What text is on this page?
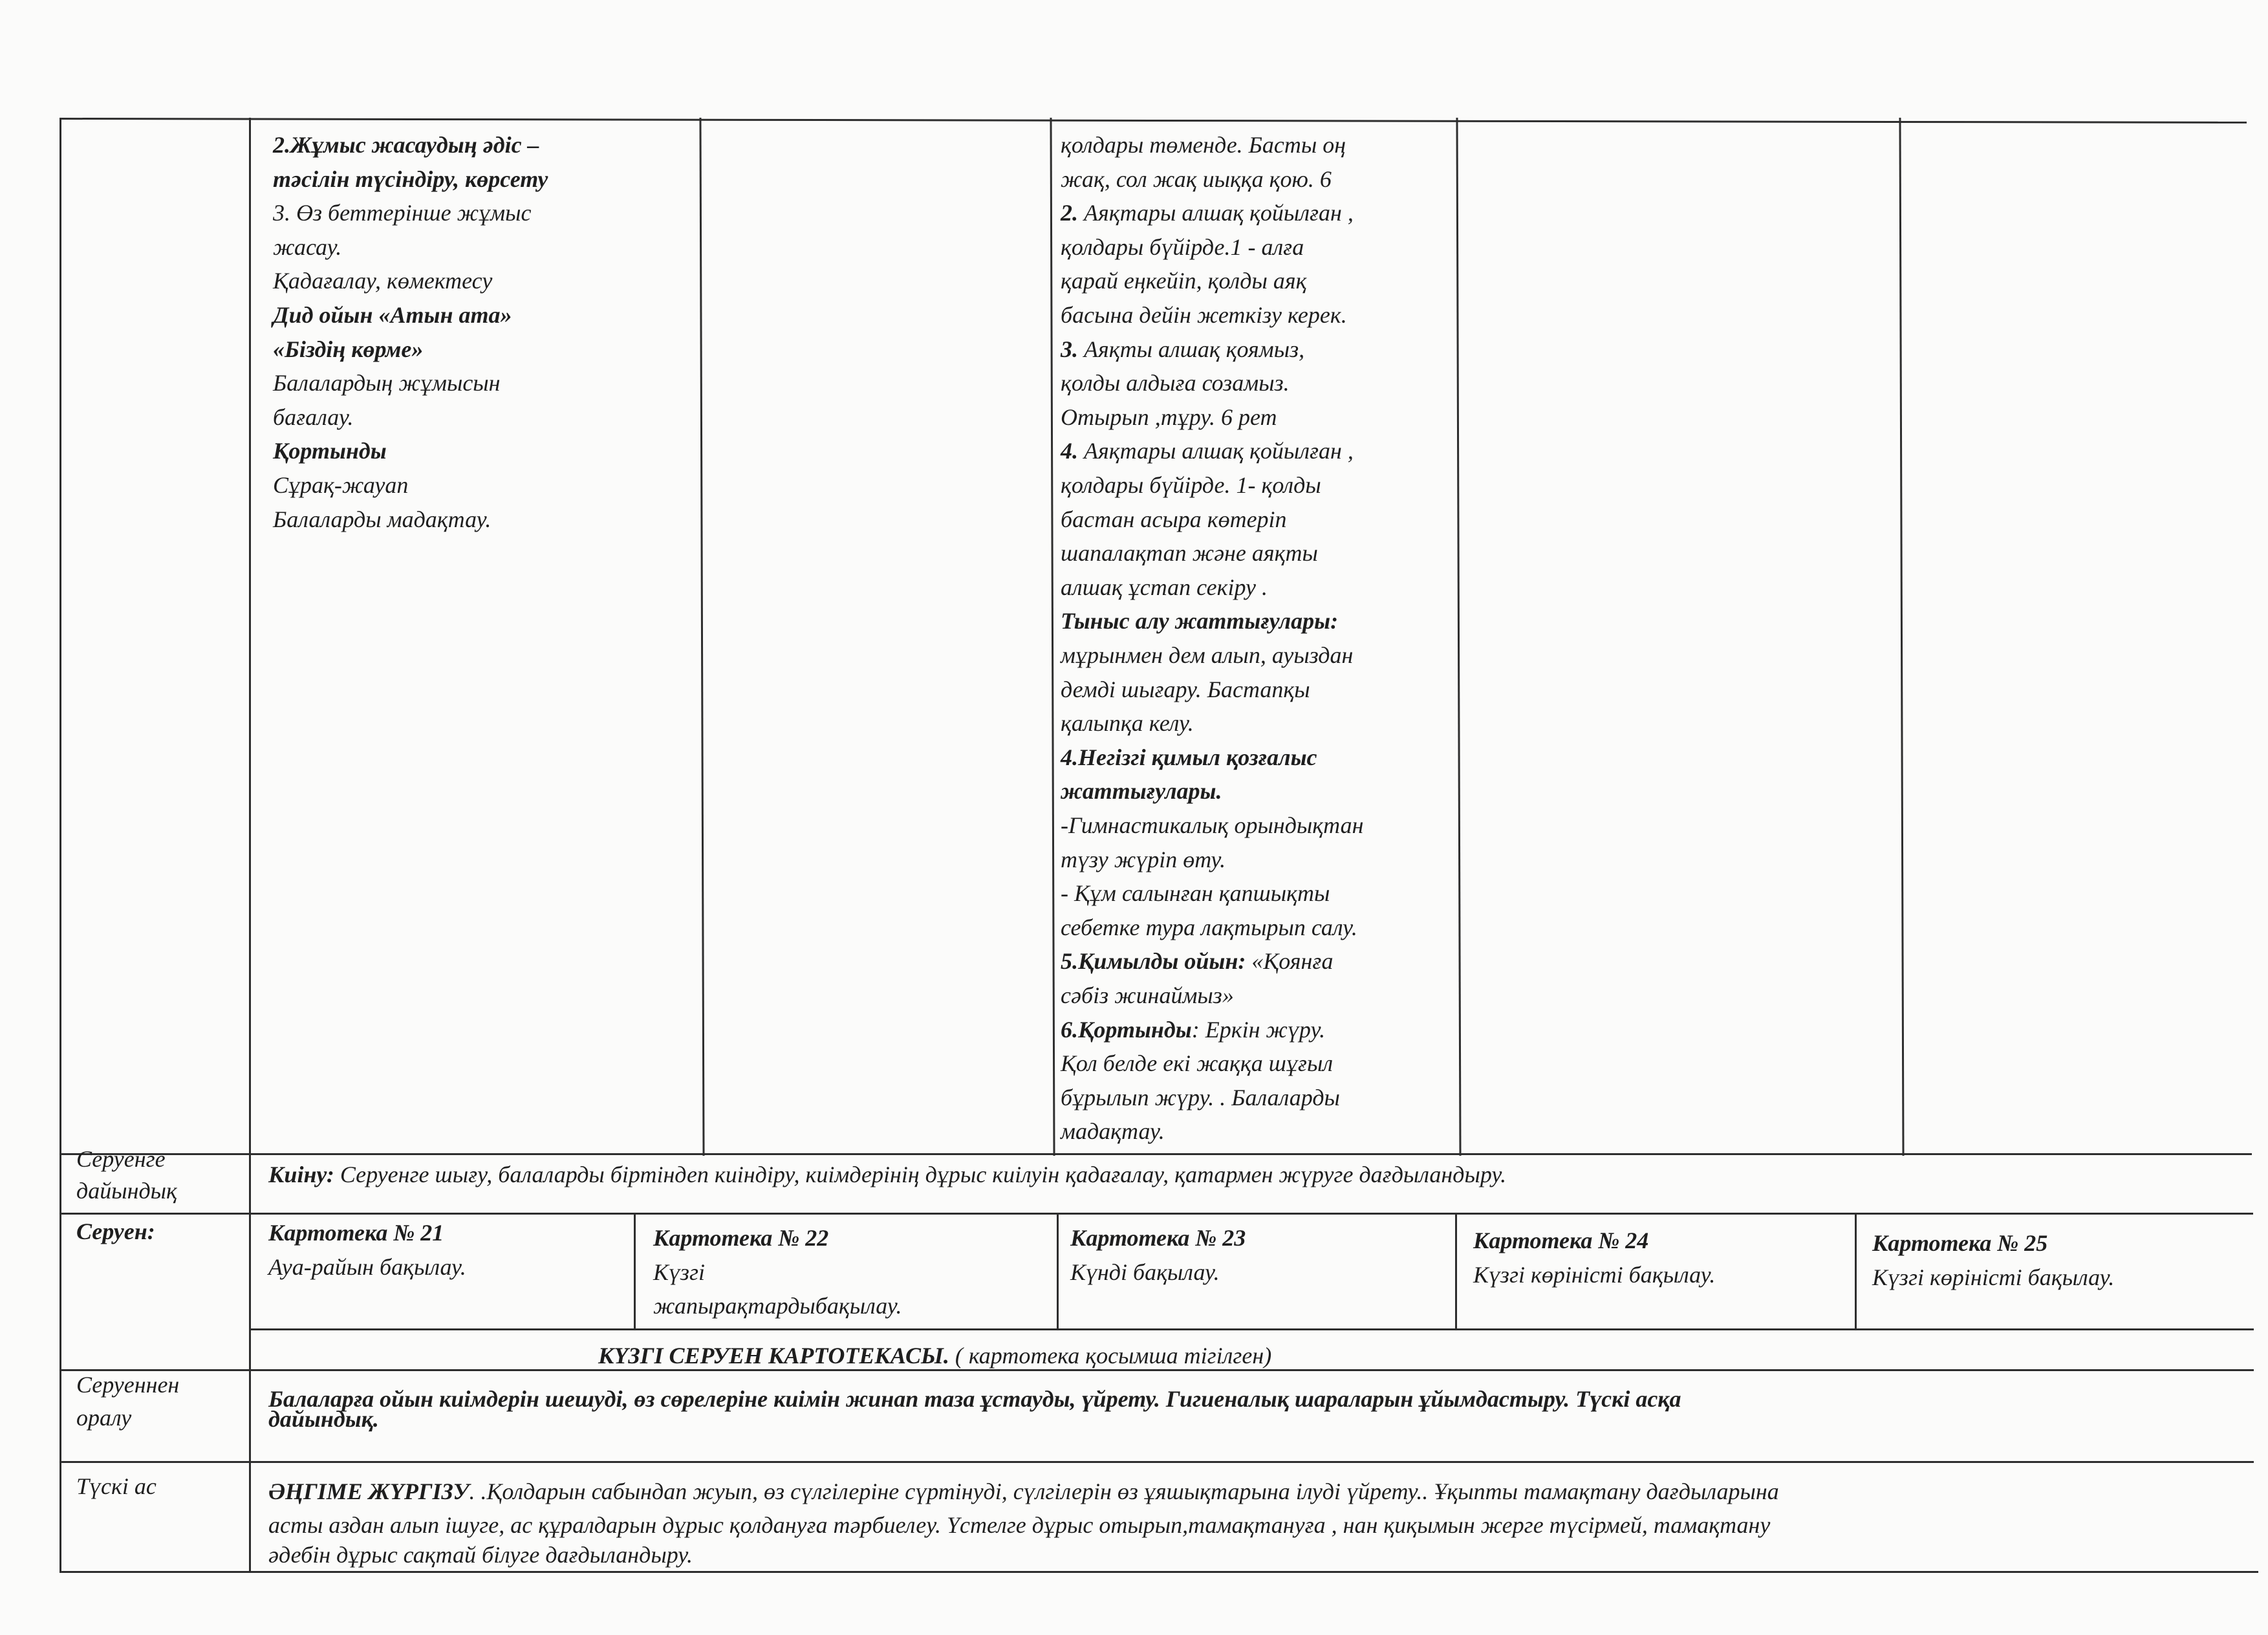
2.Жұмыс жасаудың әдіс –
тәсілін түсіндіру, көрсету
3. Өз беттерінше жұмыс
жасау.
Қадағалау, көмектесу
Дид ойын «Атын ата»
«Біздің көрме»
Балалардың жұмысын
бағалау.
Қортынды
Сұрақ-жауап
Балаларды мадақтау.
қолдары төменде. Басты оң
жақ, сол жақ иыққа қою. 6
2. Аяқтары алшақ қойылған ,
қолдары бүйірде.1 - алға
қарай еңкейіп, қолды аяқ
басына дейін жеткізу керек.
3. Аяқты алшақ қоямыз,
қолды алдыға созамыз.
Отырып ,тұру. 6 рет
4. Аяқтары алшақ қойылған ,
қолдары бүйірде. 1- қолды
бастан асыра көтеріп
шапалақтап және аяқты
алшақ ұстап секіру .
Тыныс алу жаттығулары:
мұрынмен дем алып, ауыздан
демді шығару. Бастапқы
қалыпқа келу.
4.Негізгі қимыл қозғалыс
жаттығулары.
-Гимнастикалық орындықтан
түзу жүріп өту.
- Құм салынған қапшықты
себетке тура лақтырып салу.
5.Қимылды ойын: «Қоянға
сәбіз жинаймыз»
6.Қортынды: Еркін жүру.
Қол белде екі жаққа шұғыл
бұрылып жүру. . Балаларды
мадақтау.
Серуенге
дайындық
Киіну: Серуенге шығу, балаларды біртіндеп киіндіру, киімдерінің дұрыс киілуін қадағалау, қатармен жүруге дағдыландыру.
Серуен:	Картотека № 21
Ауа-райын бақылау.
Картотека № 22
Күзгі
жапырақтардыбақылау.
Картотека № 23
Күнді бақылау.
Картотека № 24
Күзгі көріністі бақылау.
Картотека № 25
Күзгі көріністі бақылау.
КҮЗГІ СЕРУЕН КАРТОТЕКАСЫ. ( картотека қосымша тігілген)
Серуеннен
оралу
Балаларға ойын киімдерін шешуді, өз сөрелеріне киімін жинап таза ұстауды, үйрету. Гигиеналық шараларын ұйымдастыру. Түскі асқа
дайындық.
Түскі ас	ӘҢГІМЕ ЖҮРГІЗУ. .Қолдарын сабындап жуып, өз сүлгілеріне сүртінуді, сүлгілерін өз ұяшықтарына ілуді үйрету.. Ұқыпты тамақтану дағдыларына
асты аздан алып ішуге, ас құралдарын дұрыс қолдануға тәрбиелеу. Үстелге дұрыс отырып,тамақтануға , нан қиқымын жерге түсірмей, тамақтану
әдебін дұрыс сақтай білуге дағдыландыру.
